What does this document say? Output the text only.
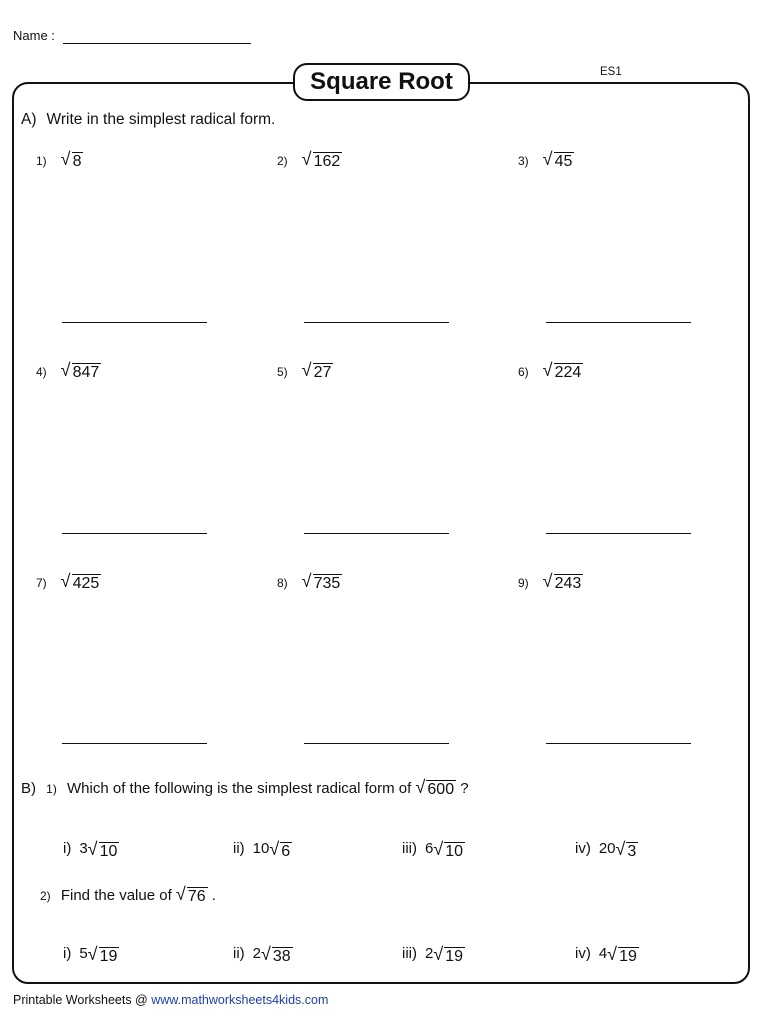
Name :
ES1
Square Root
A) Write in the simplest radical form.
1) √ 8	2) √ 162	3) √ 45
4) √ 847	5) √ 27	6) √ 224
7) √ 425	8) √ 735	9) √ 243
B) 1) Which of the following is the simplest radical form of √ 600 ?
i) 3 √ 10	ii) 10 √ 6	iii) 6 √ 10	iv) 20 √ 3
2) Find the value of √ 76 .
i) 5 √ 19	ii) 2 √ 38	iii) 2 √ 19	iv) 4 √ 19
Printable Worksheets @ www.mathworksheets4kids.com
